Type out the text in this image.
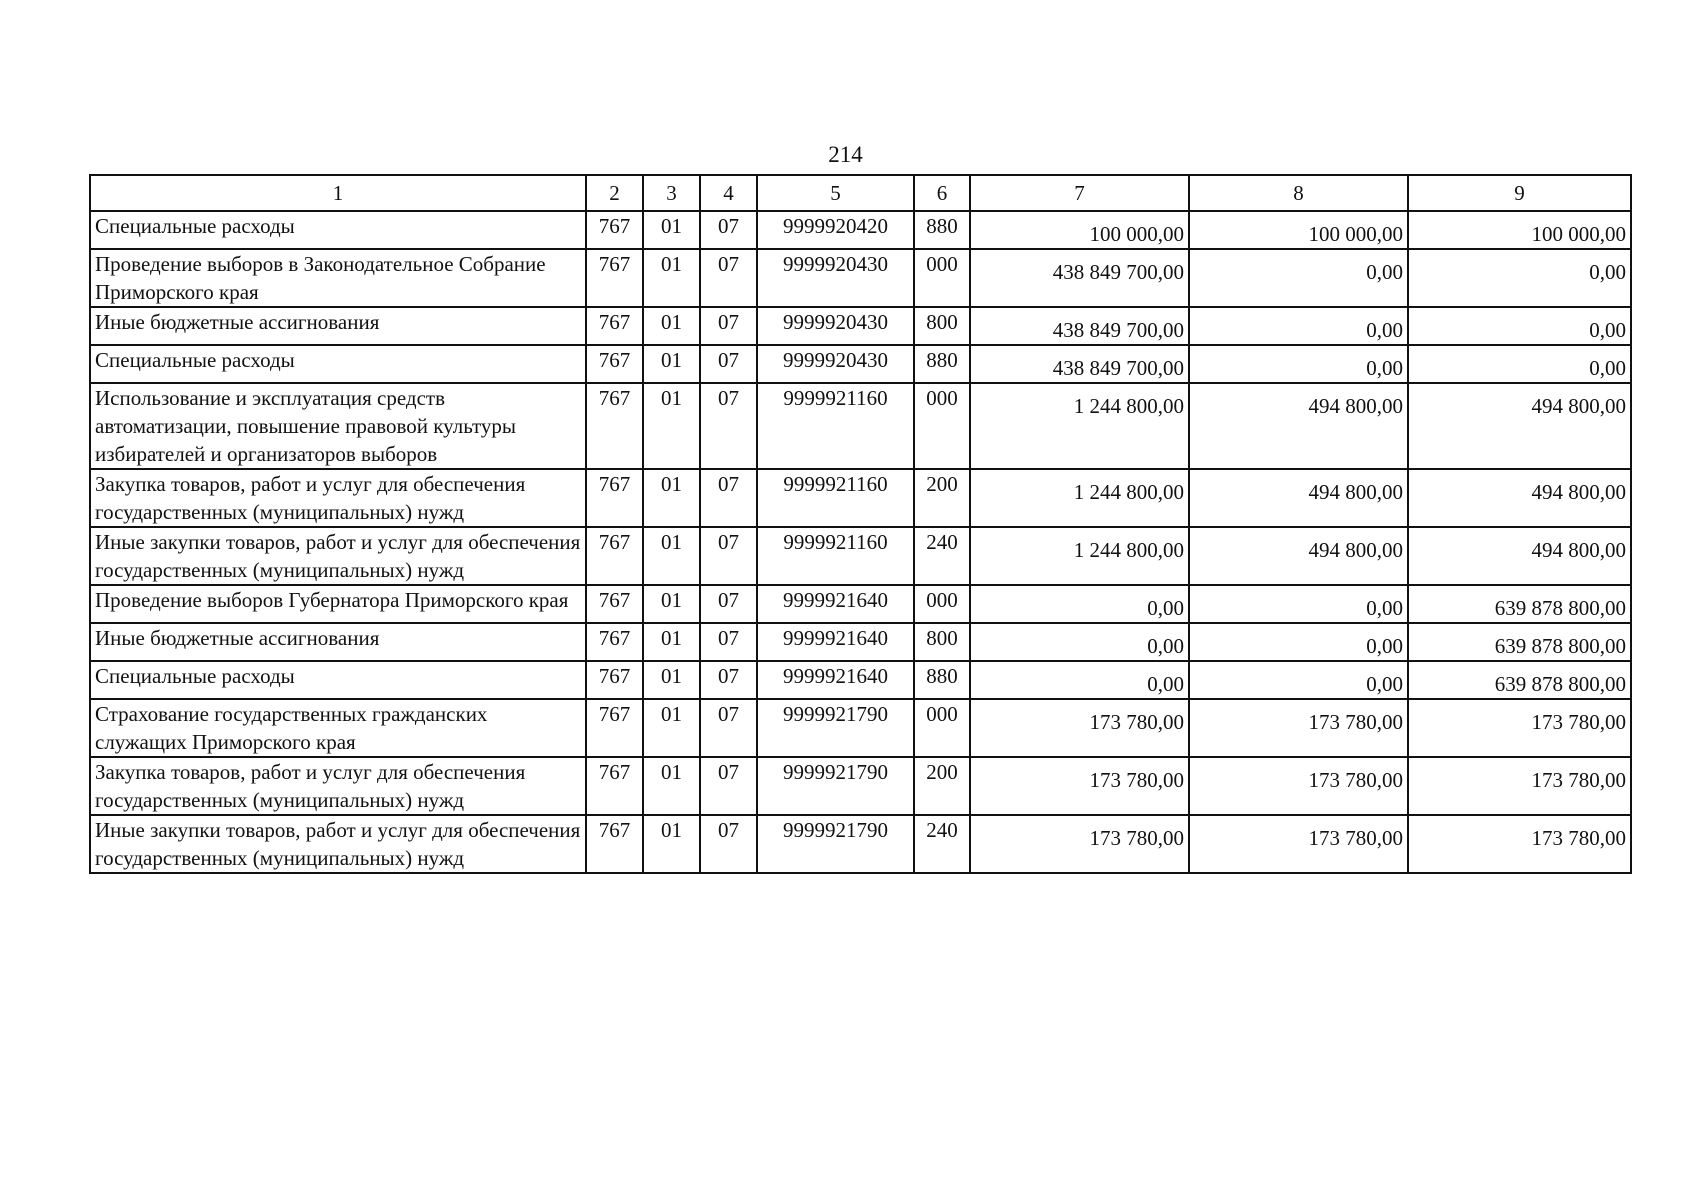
214
1	2	3	4	5	6	7	8	9
Специальные расходы	767	01	07	9999920420	880	100 000,00	100 000,00	100 000,00
Проведение выборов в Законодательное Собрание Приморского края	767	01	07	9999920430	000	438 849 700,00	0,00	0,00
Иные бюджетные ассигнования	767	01	07	9999920430	800	438 849 700,00	0,00	0,00
Специальные расходы	767	01	07	9999920430	880	438 849 700,00	0,00	0,00
Использование и эксплуатация средств автоматизации, повышение правовой культуры избирателей и организаторов выборов	767	01	07	9999921160	000	1 244 800,00	494 800,00	494 800,00
Закупка товаров, работ и услуг для обеспечения государственных (муниципальных) нужд	767	01	07	9999921160	200	1 244 800,00	494 800,00	494 800,00
Иные закупки товаров, работ и услуг для обеспечения государственных (муниципальных) нужд	767	01	07	9999921160	240	1 244 800,00	494 800,00	494 800,00
Проведение выборов Губернатора Приморского края	767	01	07	9999921640	000	0,00	0,00	639 878 800,00
Иные бюджетные ассигнования	767	01	07	9999921640	800	0,00	0,00	639 878 800,00
Специальные расходы	767	01	07	9999921640	880	0,00	0,00	639 878 800,00
Страхование государственных гражданских служащих Приморского края	767	01	07	9999921790	000	173 780,00	173 780,00	173 780,00
Закупка товаров, работ и услуг для обеспечения государственных (муниципальных) нужд	767	01	07	9999921790	200	173 780,00	173 780,00	173 780,00
Иные закупки товаров, работ и услуг для обеспечения государственных (муниципальных) нужд	767	01	07	9999921790	240	173 780,00	173 780,00	173 780,00
